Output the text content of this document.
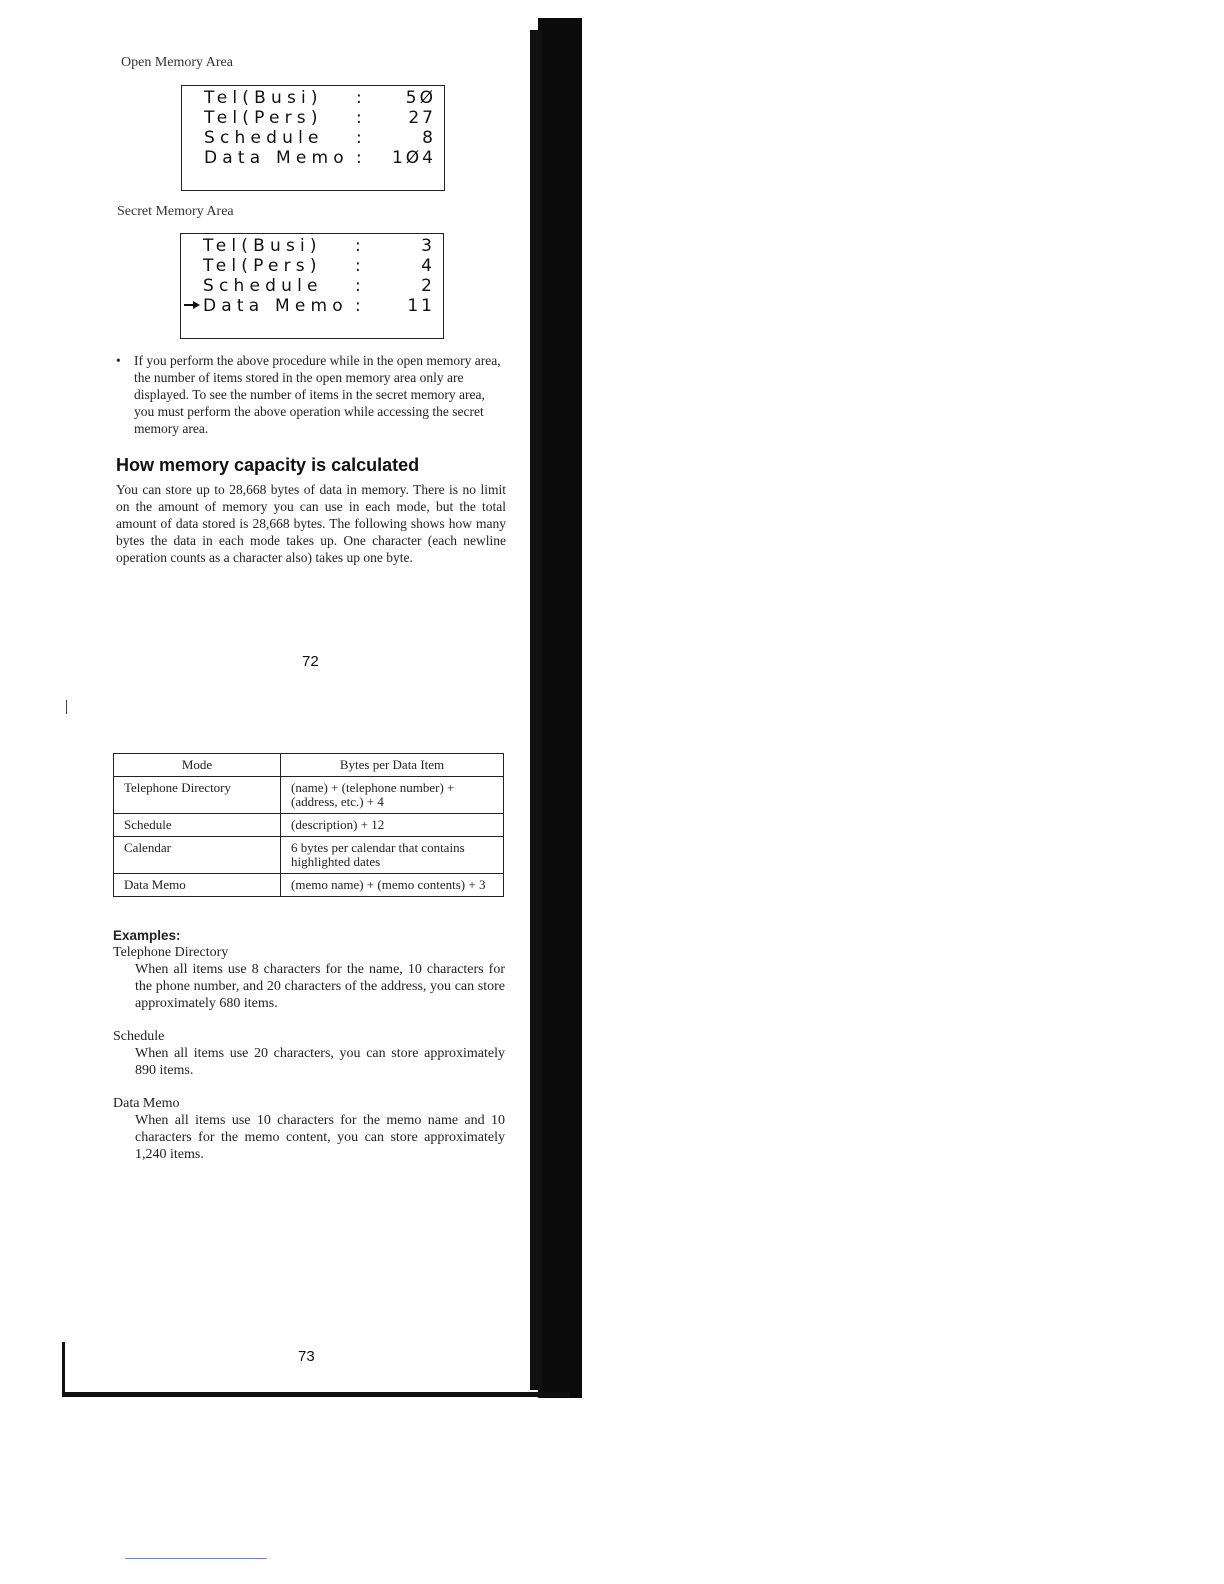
Open Memory Area
Tel(Busi) :	5Ø
Tel(Pers) :	27
Schedule :	8
Data Memo : 1Ø4
Secret Memory Area
Tel(Busi) :	3
Tel(Pers) :	4
Schedule :	2
Data Memo :	11
• If you perform the above procedure while in the open memory area, the number of items stored in the open memory area only are displayed. To see the number of items in the secret memory area, you must perform the above operation while accessing the secret memory area.
How memory capacity is calculated
You can store up to 28,668 bytes of data in memory. There is no limit on the amount of memory you can use in each mode, but the total amount of data stored is 28,668 bytes. The following shows how many bytes the data in each mode takes up. One character (each newline operation counts as a character also) takes up one byte.
72
Mode	Bytes per Data Item
Telephone Directory	(name) + (telephone number) + (address, etc.) + 4
Schedule	(description) + 12
Calendar	6 bytes per calendar that contains highlighted dates
Data Memo	(memo name) + (memo contents) + 3
Examples:
Telephone Directory
When all items use 8 characters for the name, 10 characters for the phone number, and 20 characters of the address, you can store approximately 680 items.
Schedule
When all items use 20 characters, you can store approximately 890 items.
Data Memo
When all items use 10 characters for the memo name and 10 characters for the memo content, you can store approximately 1,240 items.
73
